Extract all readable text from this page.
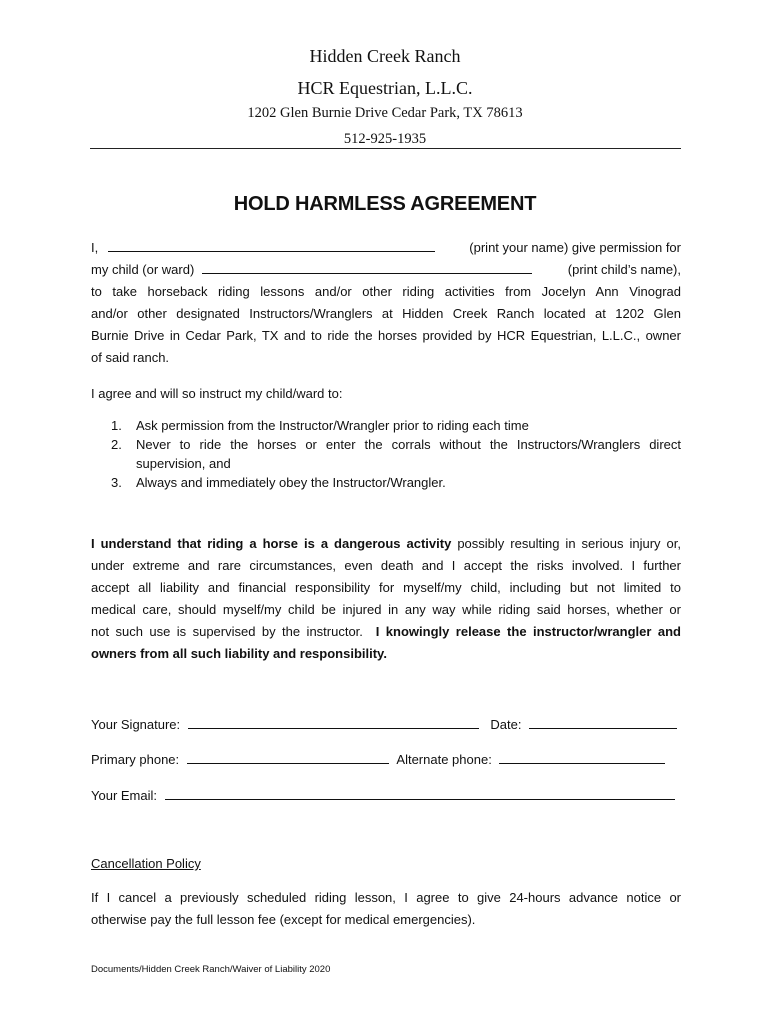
Hidden Creek Ranch
HCR Equestrian, L.L.C.
1202 Glen Burnie Drive Cedar Park, TX 78613
512-925-1935
HOLD HARMLESS AGREEMENT
I,	(print your name) give permission for
my child (or ward)	(print child’s name),
to take horseback riding lessons and/or other riding activities from Jocelyn Ann Vinograd
and/or other designated Instructors/Wranglers at Hidden Creek Ranch located at 1202 Glen
Burnie Drive in Cedar Park, TX and to ride the horses provided by HCR Equestrian, L.L.C., owner
of said ranch.
I agree and will so instruct my child/ward to:
1. Ask permission from the Instructor/Wrangler prior to riding each time
2. Never to ride the horses or enter the corrals without the Instructors/Wranglers direct supervision, and
3. Always and immediately obey the Instructor/Wrangler.
I understand that riding a horse is a dangerous activity possibly resulting in serious injury or,
under extreme and rare circumstances, even death and I accept the risks involved. I further
accept all liability and financial responsibility for myself/my child, including but not limited to
medical care, should myself/my child be injured in any way while riding said horses, whether or
not such use is supervised by the instructor. I knowingly release the instructor/wrangler and
owners from all such liability and responsibility.
Your Signature:	Date:
Primary phone:	Alternate phone:
Your Email:
Cancellation Policy
If I cancel a previously scheduled riding lesson, I agree to give 24-hours advance notice or
otherwise pay the full lesson fee (except for medical emergencies).
Documents/Hidden Creek Ranch/Waiver of Liability 2020
